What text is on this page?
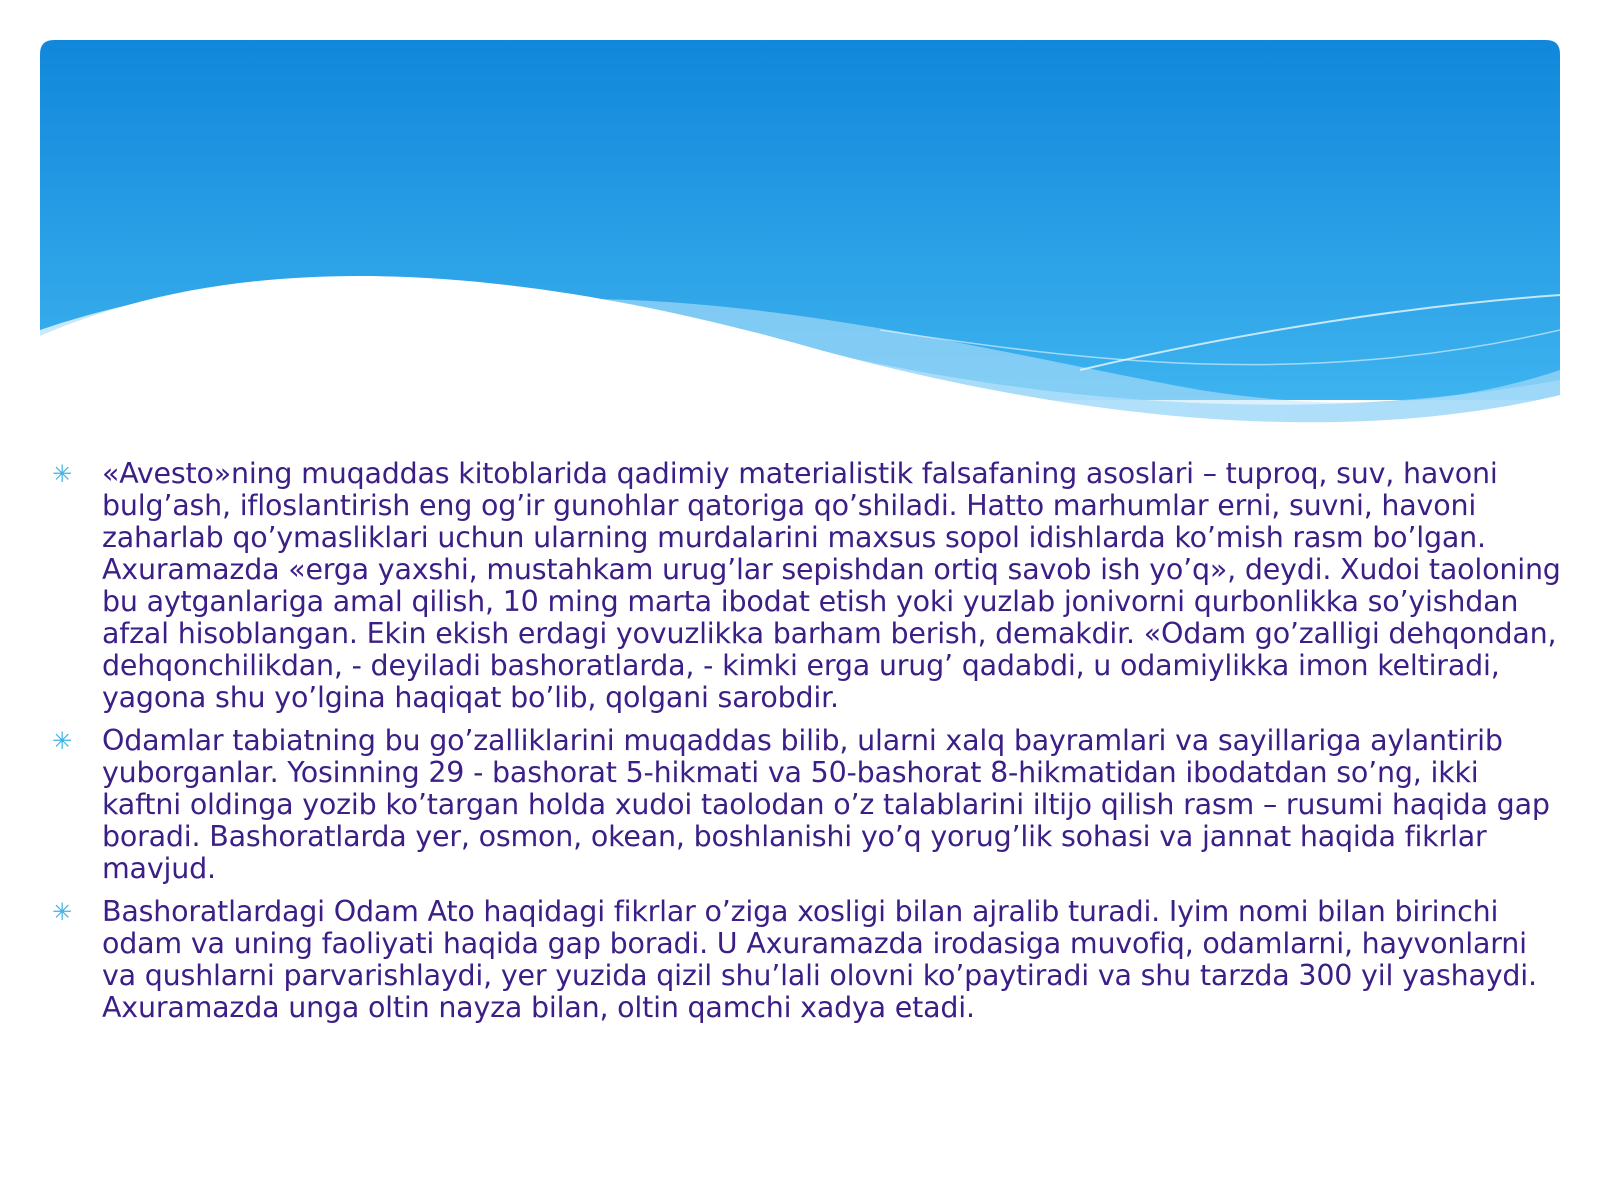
✳ «Avesto»ning muqaddas kitoblarida qadimiy materialistik falsafaning asoslari – tuproq, suv, havoni bulg’ash, ifloslantirish eng og’ir gunohlar qatoriga qo’shiladi. Hatto marhumlar erni, suvni, havoni zaharlab qo’ymasliklari uchun ularning murdalarini maxsus sopol idishlarda ko’mish rasm bo’lgan. Axuramazda «erga yaxshi, mustahkam urug’lar sepishdan ortiq savob ish yo’q», deydi. Xudoi taoloning bu aytganlariga amal qilish, 10 ming marta ibodat etish yoki yuzlab jonivorni qurbonlikka so’yishdan afzal hisoblangan. Ekin ekish erdagi yovuzlikka barham berish, demakdir. «Odam go’zalligi dehqondan, dehqonchilikdan, - deyiladi bashoratlarda, - kimki erga urug’ qadabdi, u odamiylikka imon keltiradi, yagona shu yo’lgina haqiqat bo’lib, qolgani sarobdir.
✳ Odamlar tabiatning bu go’zalliklarini muqaddas bilib, ularni xalq bayramlari va sayillariga aylantirib yuborganlar. Yosinning 29 - bashorat 5-hikmati va 50-bashorat 8-hikmatidan ibodatdan so’ng, ikki kaftni oldinga yozib ko’targan holda xudoi taolodan o’z talablarini iltijo qilish rasm – rusumi haqida gap boradi. Bashoratlarda yer, osmon, okean, boshlanishi yo’q yorug’lik sohasi va jannat haqida fikrlar mavjud.
✳ Bashoratlardagi Odam Ato haqidagi fikrlar o’ziga xosligi bilan ajralib turadi. Iyim nomi bilan birinchi odam va uning faoliyati haqida gap boradi. U Axuramazda irodasiga muvofiq, odamlarni, hayvonlarni va qushlarni parvarishlaydi, yer yuzida qizil shu’lali olovni ko’paytiradi va shu tarzda 300 yil yashaydi. Axuramazda unga oltin nayza bilan, oltin qamchi xadya etadi.
